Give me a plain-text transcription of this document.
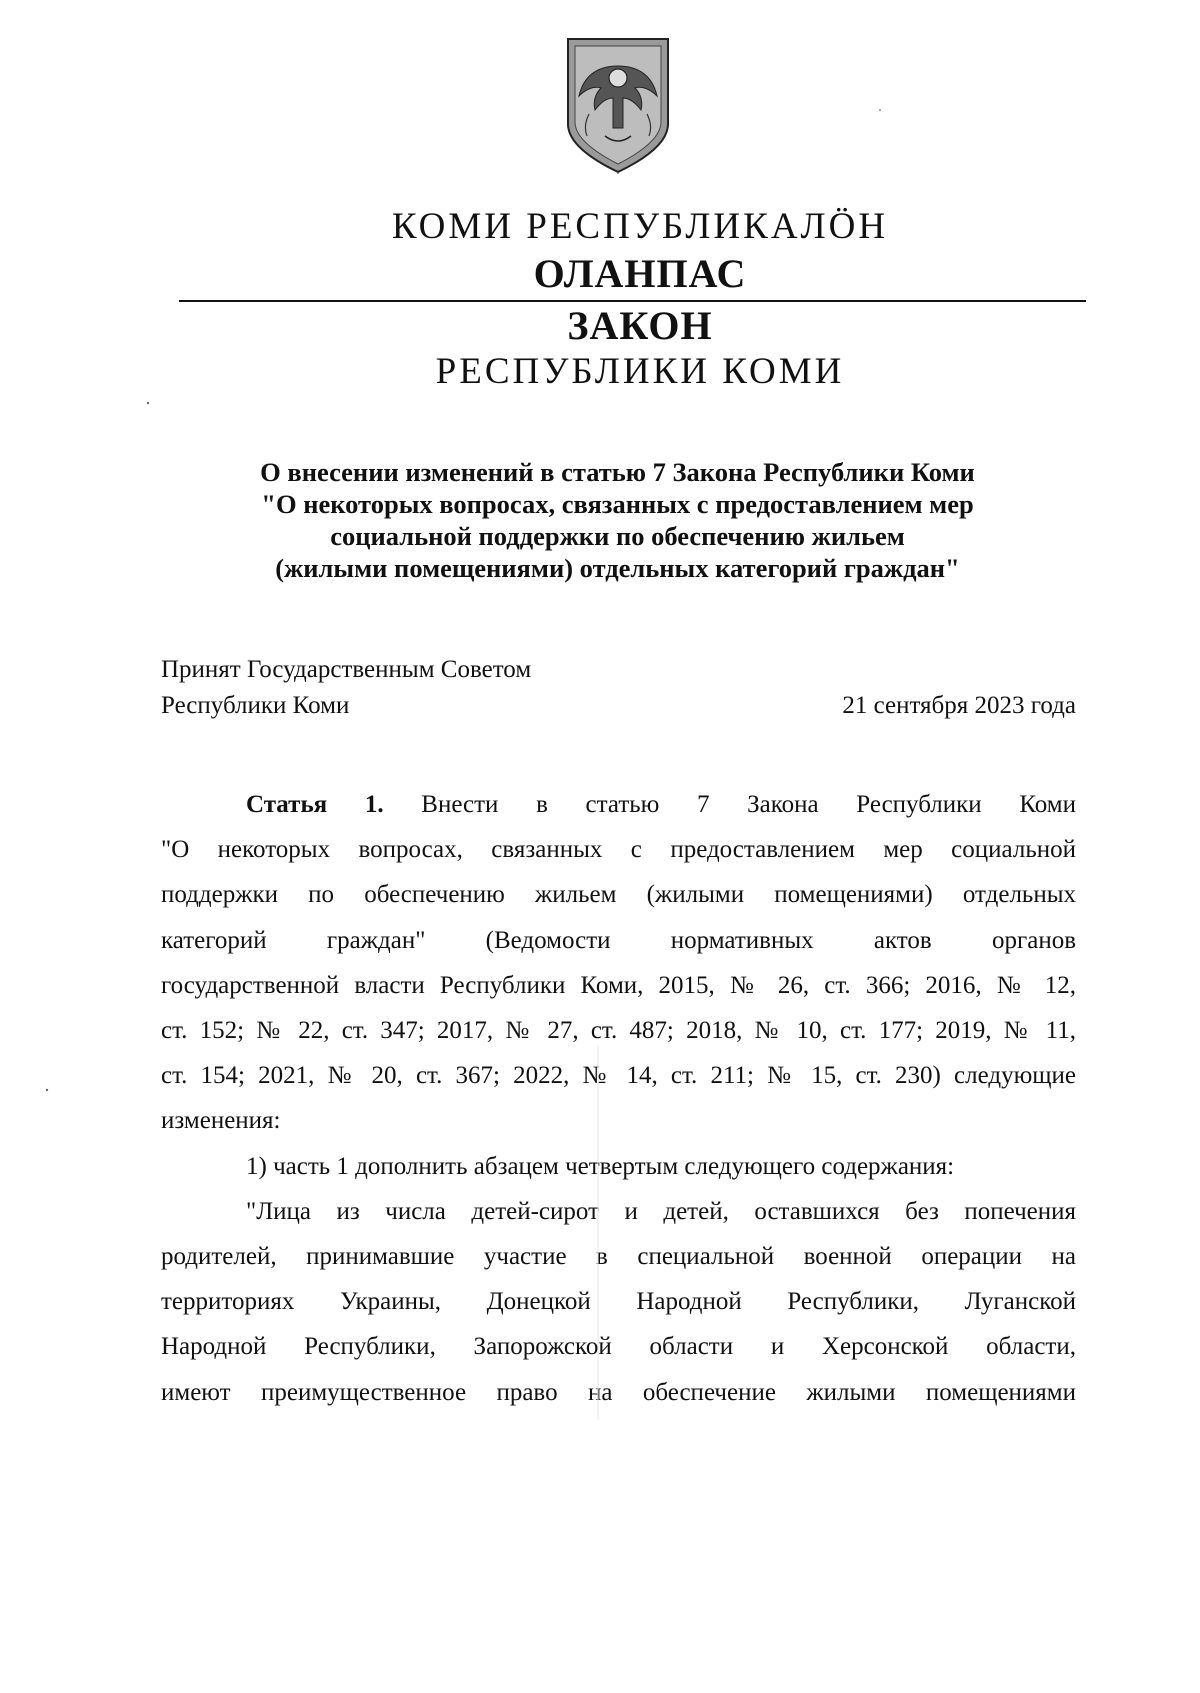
КОМИ РЕСПУБЛИКАЛӦН
ОЛАНПАС
ЗАКОН
РЕСПУБЛИКИ КОМИ
О внесении изменений в статью 7 Закона Республики Коми
"О некоторых вопросах, связанных с предоставлением мер
социальной поддержки по обеспечению жильем
(жилыми помещениями) отдельных категорий граждан"
Принят Государственным Советом
Республики Коми	21 сентября 2023 года

Статья 1. Внести в статью 7 Закона Республики Коми

"О некоторых вопросах, связанных с предоставлением мер социальной

поддержки по обеспечению жильем (жилыми помещениями) отдельных

категорий граждан" (Ведомости нормативных актов органов

государственной власти Республики Коми, 2015, № 26, ст. 366; 2016, № 12,

ст. 152; № 22, ст. 347; 2017, № 27, ст. 487; 2018, № 10, ст. 177; 2019, № 11,

ст. 154; 2021, № 20, ст. 367; 2022, № 14, ст. 211; № 15, ст. 230) следующие

изменения:

1) часть 1 дополнить абзацем четвертым следующего содержания:

"Лица из числа детей-сирот и детей, оставшихся без попечения

родителей, принимавшие участие в специальной военной операции на

территориях Украины, Донецкой Народной Республики, Луганской

Народной Республики, Запорожской области и Херсонской области,

имеют преимущественное право на обеспечение жилыми помещениями
